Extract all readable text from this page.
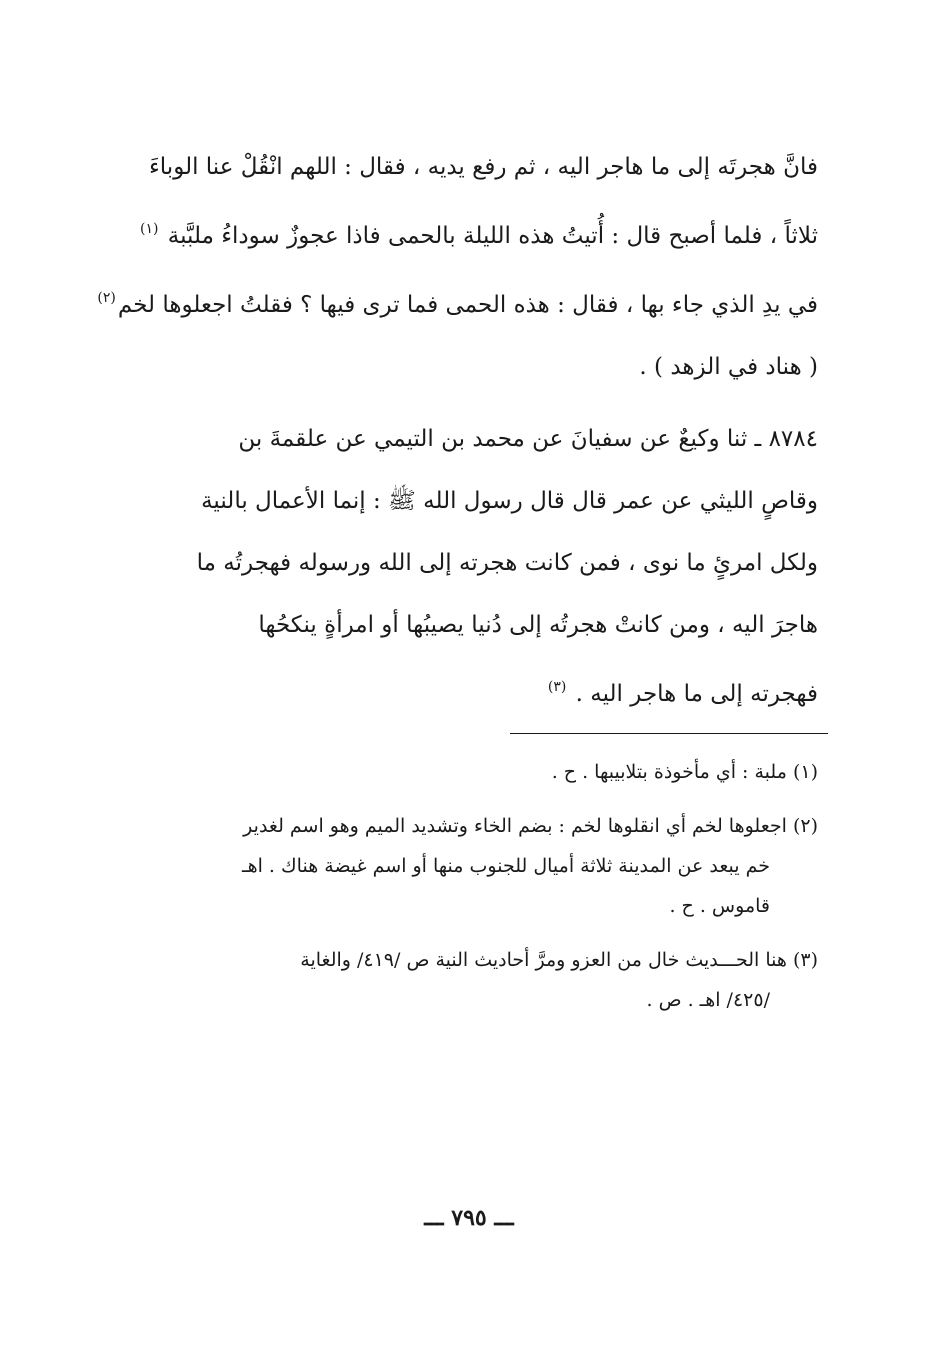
فانَّ هجرتَه إلى ما هاجر اليه ، ثم رفع يديه ، فقال : اللهم انْقُلْ عنا الوباءَ
ثلاثاً ، فلما أصبح قال : أُتيتُ هذه الليلة بالحمى فاذا عجوزٌ سوداءُ ملبَّبة $^{(١)}$
في يدِ الذي جاء بها ، فقال : هذه الحمى فما ترى فيها ؟ فقلتُ اجعلوها لخم$^{(٢)}$
( هناد في الزهد ) .
٨٧٨٤ ـ ثنا وكيعٌ عن سفيانَ عن محمد بن التيمي عن علقمةَ بن
وقاصٍ الليثي عن عمر قال قال رسول الله ﷺ : إنما الأعمال بالنية
ولكل امرئٍ ما نوى ، فمن كانت هجرته إلى الله ورسوله فهجرتُه ما
هاجرَ اليه ، ومن كانتْ هجرتُه إلى دُنيا يصيبُها أو امرأةٍ ينكحُها
فهجرته إلى ما هاجر اليه . $^{(٣)}$
(١) ملبة : أي مأخوذة بتلابيبها . ح .
(٢) اجعلوها لخم أي انقلوها لخم : بضم الخاء وتشديد الميم وهو اسم لغدير
خم يبعد عن المدينة ثلاثة أميال للجنوب منها أو اسم غيضة هناك . اهـ
قاموس . ح .
(٣) هنا الحـــديث خال من العزو ومرَّ أحاديث النية ص /٤١٩/ والغاية
/٤٢٥/ اهـ . ص .
ـــ ٧٩٥ ـــ
